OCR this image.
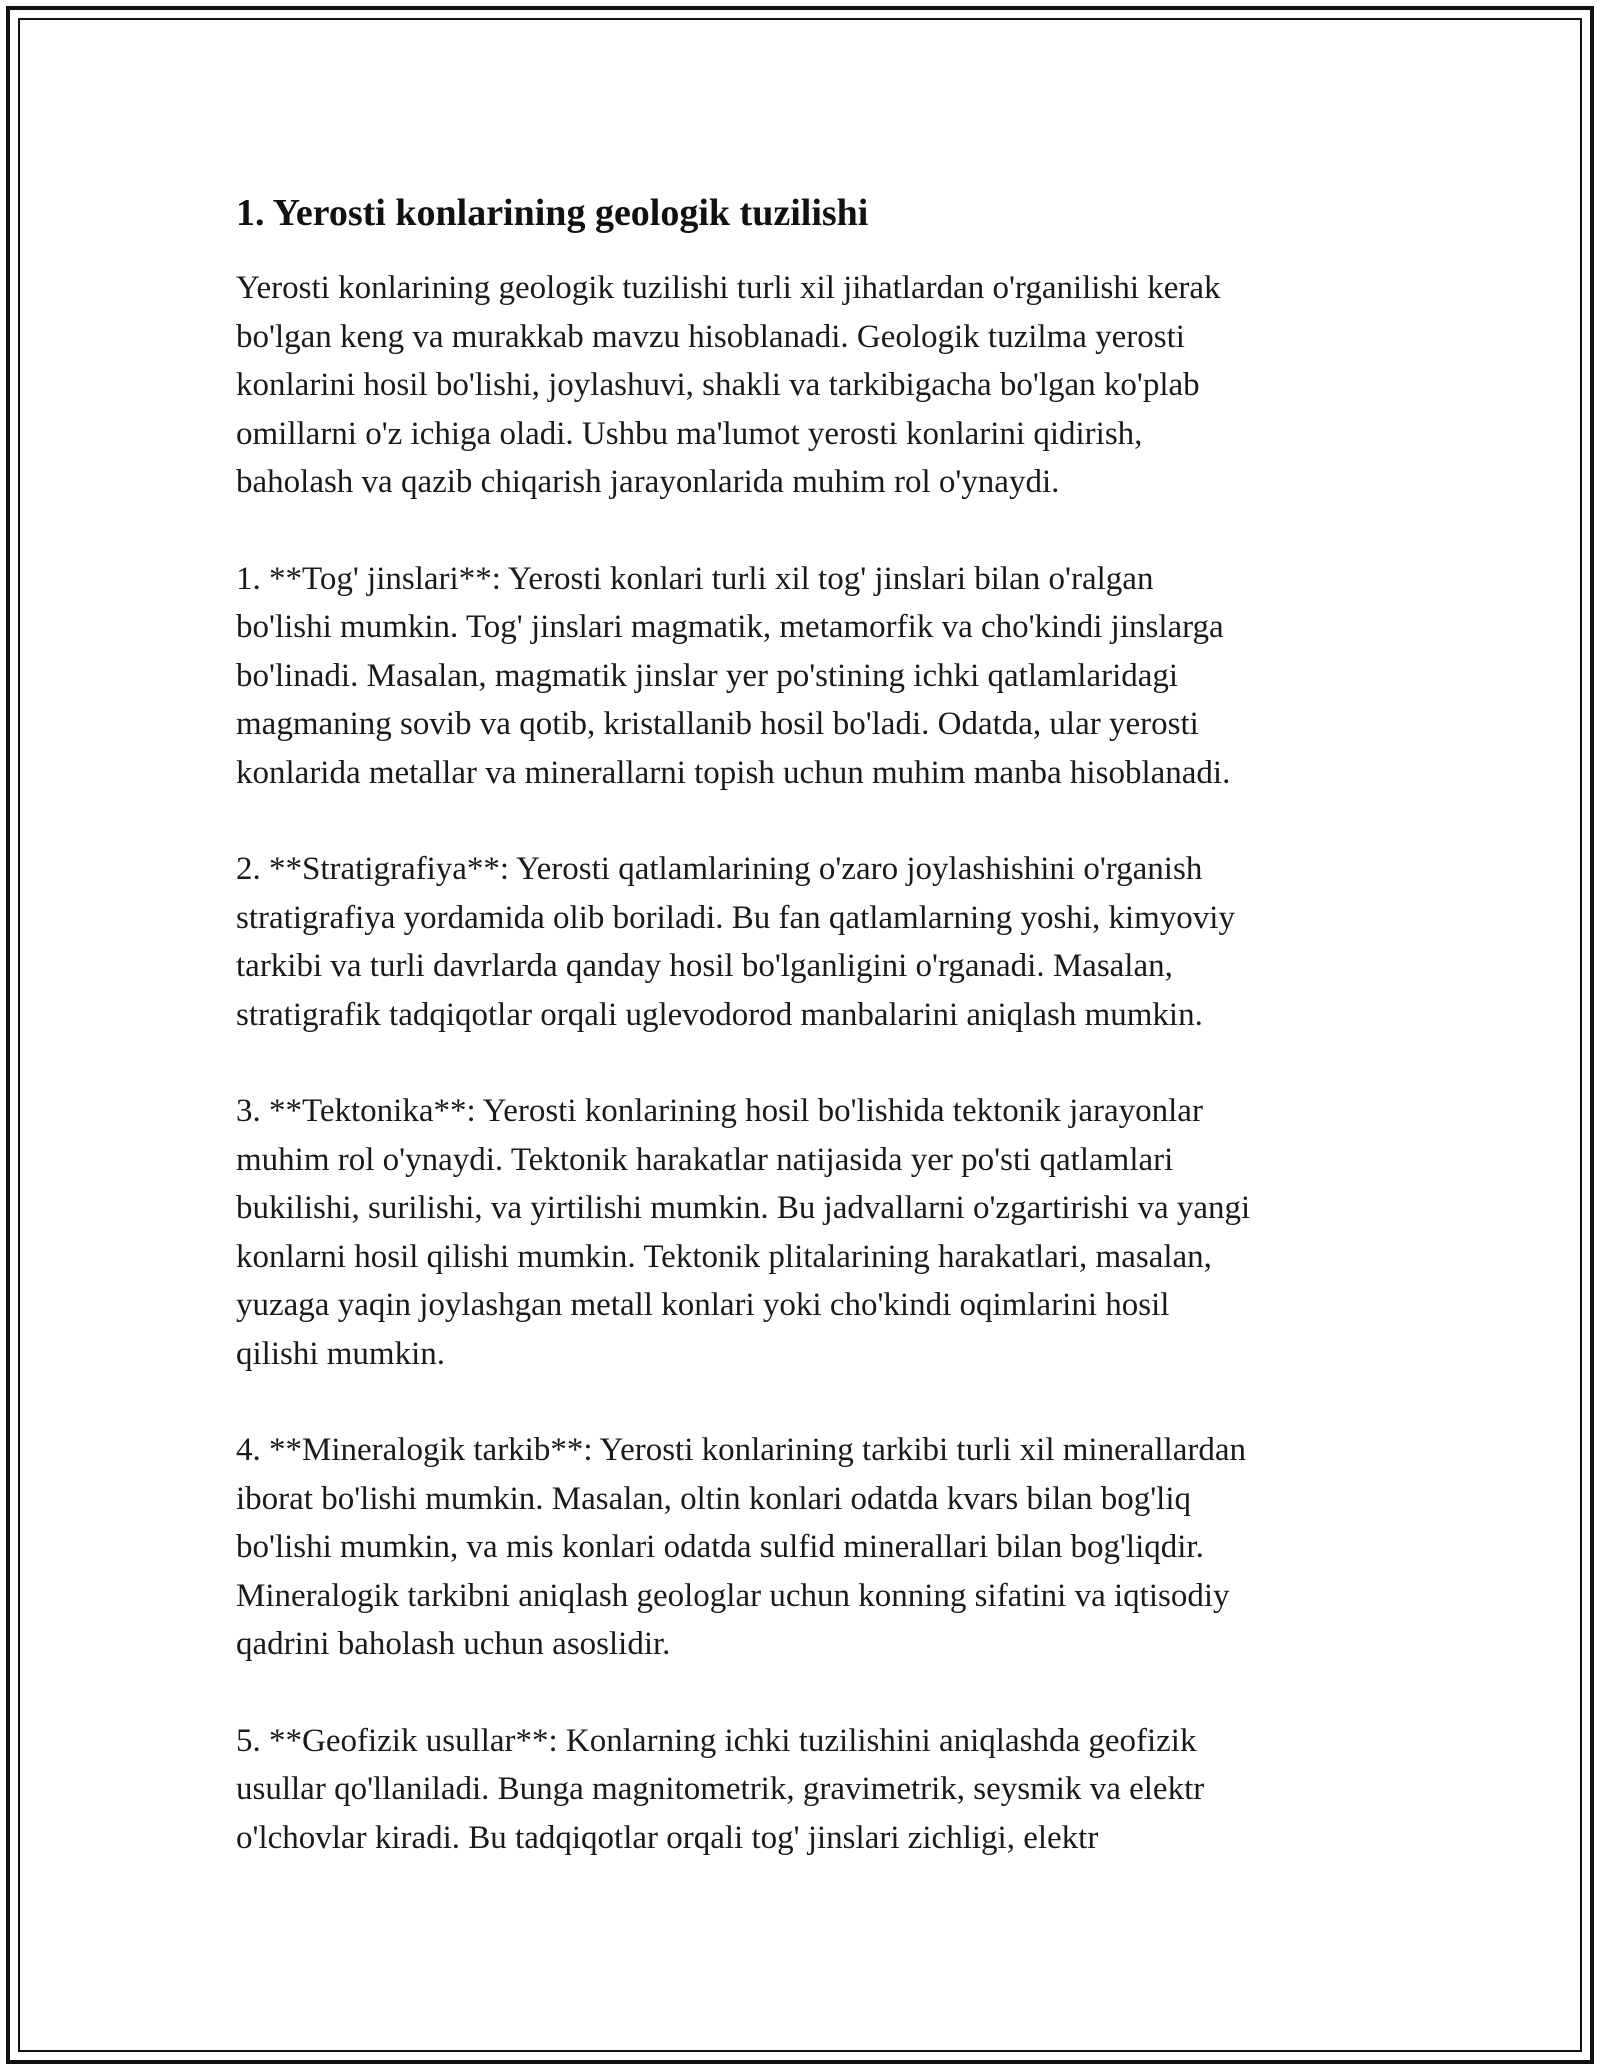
1. Yerosti konlarining geologik tuzilishi

Yerosti konlarining geologik tuzilishi turli xil jihatlardan o'rganilishi kerak
bo'lgan keng va murakkab mavzu hisoblanadi. Geologik tuzilma yerosti
konlarini hosil bo'lishi, joylashuvi, shakli va tarkibigacha bo'lgan ko'plab
omillarni o'z ichiga oladi. Ushbu ma'lumot yerosti konlarini qidirish,
baholash va qazib chiqarish jarayonlarida muhim rol o'ynaydi.

1. **Tog' jinslari**: Yerosti konlari turli xil tog' jinslari bilan o'ralgan
bo'lishi mumkin. Tog' jinslari magmatik, metamorfik va cho'kindi jinslarga
bo'linadi. Masalan, magmatik jinslar yer po'stining ichki qatlamlaridagi
magmaning sovib va qotib, kristallanib hosil bo'ladi. Odatda, ular yerosti
konlarida metallar va minerallarni topish uchun muhim manba hisoblanadi.

2. **Stratigrafiya**: Yerosti qatlamlarining o'zaro joylashishini o'rganish
stratigrafiya yordamida olib boriladi. Bu fan qatlamlarning yoshi, kimyoviy
tarkibi va turli davrlarda qanday hosil bo'lganligini o'rganadi. Masalan,
stratigrafik tadqiqotlar orqali uglevodorod manbalarini aniqlash mumkin.

3. **Tektonika**: Yerosti konlarining hosil bo'lishida tektonik jarayonlar
muhim rol o'ynaydi. Tektonik harakatlar natijasida yer po'sti qatlamlari
bukilishi, surilishi, va yirtilishi mumkin. Bu jadvallarni o'zgartirishi va yangi
konlarni hosil qilishi mumkin. Tektonik plitalarining harakatlari, masalan,
yuzaga yaqin joylashgan metall konlari yoki cho'kindi oqimlarini hosil
qilishi mumkin.

4. **Mineralogik tarkib**: Yerosti konlarining tarkibi turli xil minerallardan
iborat bo'lishi mumkin. Masalan, oltin konlari odatda kvars bilan bog'liq
bo'lishi mumkin, va mis konlari odatda sulfid minerallari bilan bog'liqdir.
Mineralogik tarkibni aniqlash geologlar uchun konning sifatini va iqtisodiy
qadrini baholash uchun asoslidir.

5. **Geofizik usullar**: Konlarning ichki tuzilishini aniqlashda geofizik
usullar qo'llaniladi. Bunga magnitometrik, gravimetrik, seysmik va elektr
o'lchovlar kiradi. Bu tadqiqotlar orqali tog' jinslari zichligi, elektr
